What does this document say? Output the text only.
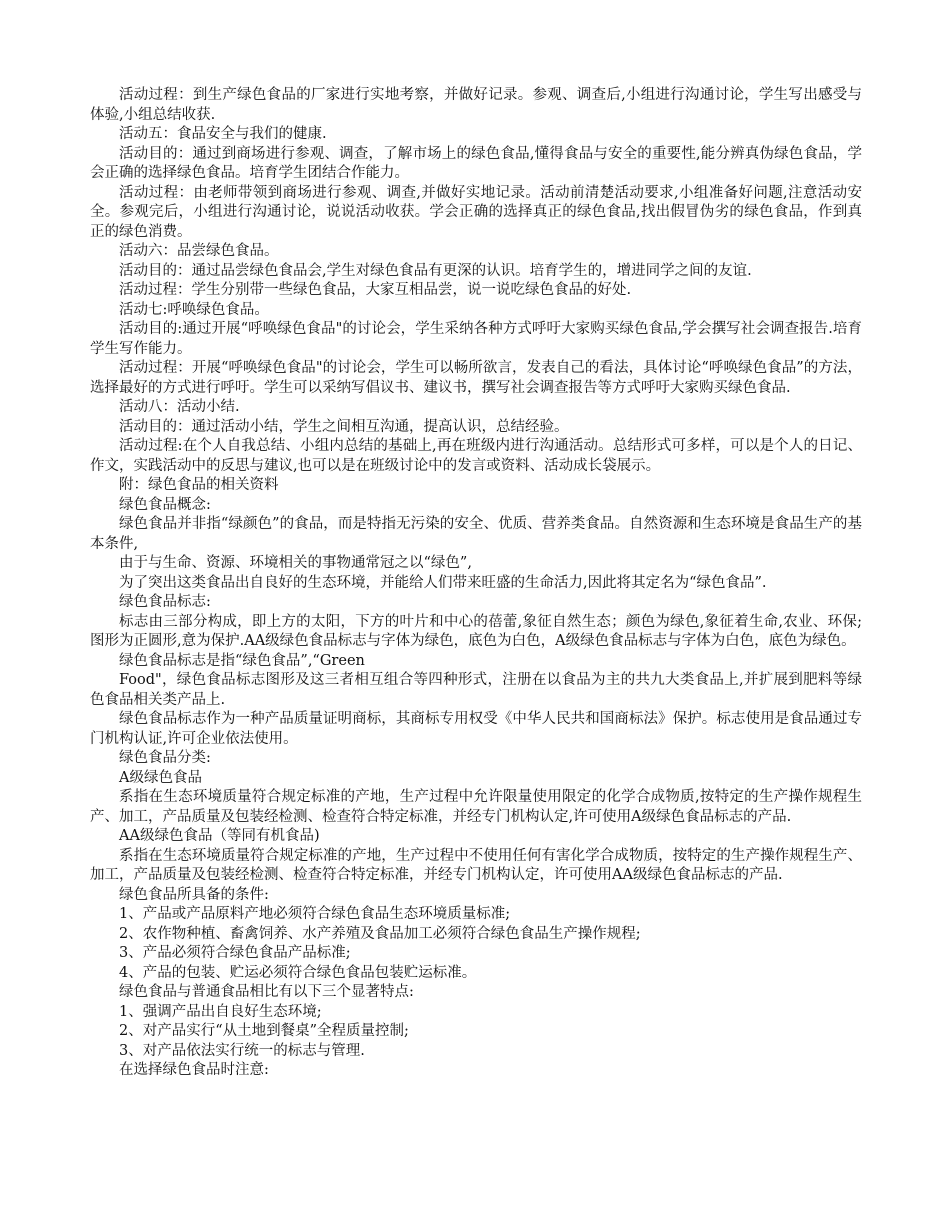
活动过程：到生产绿色食品的厂家进行实地考察，并做好记录。参观、调查后,小组进行沟通讨论，学生写出感受与体验,小组总结收获.

活动五：食品安全与我们的健康.

活动目的：通过到商场进行参观、调查，了解市场上的绿色食品,懂得食品与安全的重要性,能分辨真伪绿色食品，学会正确的选择绿色食品。培育学生团结合作能力。

活动过程：由老师带领到商场进行参观、调查,并做好实地记录。活动前清楚活动要求,小组准备好问题,注意活动安全。参观完后，小组进行沟通讨论，说说活动收获。学会正确的选择真正的绿色食品,找出假冒伪劣的绿色食品，作到真正的绿色消费。

活动六：品尝绿色食品。

活动目的：通过品尝绿色食品会,学生对绿色食品有更深的认识。培育学生的，增进同学之间的友谊.

活动过程：学生分别带一些绿色食品，大家互相品尝，说一说吃绿色食品的好处.

活动七:呼唤绿色食品。

活动目的:通过开展“呼唤绿色食品"的讨论会，学生采纳各种方式呼吁大家购买绿色食品,学会撰写社会调查报告.培育学生写作能力。

活动过程：开展“呼唤绿色食品"的讨论会，学生可以畅所欲言，发表自己的看法，具体讨论“呼唤绿色食品”的方法，选择最好的方式进行呼吁。学生可以采纳写倡议书、建议书，撰写社会调查报告等方式呼吁大家购买绿色食品.

活动八：活动小结.

活动目的：通过活动小结，学生之间相互沟通，提高认识，总结经验。

活动过程:在个人自我总结、小组内总结的基础上,再在班级内进行沟通活动。总结形式可多样，可以是个人的日记、作文，实践活动中的反思与建议,也可以是在班级讨论中的发言或资料、活动成长袋展示。

附：绿色食品的相关资料

绿色食品概念:

绿色食品并非指“绿颜色”的食品，而是特指无污染的安全、优质、营养类食品。自然资源和生态环境是食品生产的基本条件,

由于与生命、资源、环境相关的事物通常冠之以“绿色”,

为了突出这类食品出自良好的生态环境，并能给人们带来旺盛的生命活力,因此将其定名为“绿色食品”.

绿色食品标志:

标志由三部分构成，即上方的太阳，下方的叶片和中心的蓓蕾,象征自然生态；颜色为绿色,象征着生命,农业、环保;图形为正圆形,意为保护.AA级绿色食品标志与字体为绿色，底色为白色，A级绿色食品标志与字体为白色，底色为绿色。

绿色食品标志是指“绿色食品”,“Green

Food"，绿色食品标志图形及这三者相互组合等四种形式，注册在以食品为主的共九大类食品上,并扩展到肥料等绿色食品相关类产品上.

绿色食品标志作为一种产品质量证明商标，其商标专用权受《中华人民共和国商标法》保护。标志使用是食品通过专门机构认证,许可企业依法使用。

绿色食品分类:

A级绿色食品

系指在生态环境质量符合规定标准的产地，生产过程中允许限量使用限定的化学合成物质,按特定的生产操作规程生产、加工，产品质量及包装经检测、检查符合特定标准，并经专门机构认定,许可使用A级绿色食品标志的产品.

AA级绿色食品（等同有机食品)

系指在生态环境质量符合规定标准的产地，生产过程中不使用任何有害化学合成物质，按特定的生产操作规程生产、加工，产品质量及包装经检测、检查符合特定标准，并经专门机构认定，许可使用AA级绿色食品标志的产品.

绿色食品所具备的条件:

1、产品或产品原料产地必须符合绿色食品生态环境质量标准;

2、农作物种植、畜禽饲养、水产养殖及食品加工必须符合绿色食品生产操作规程;

3、产品必须符合绿色食品产品标准;

4、产品的包装、贮运必须符合绿色食品包装贮运标准。

绿色食品与普通食品相比有以下三个显著特点:

1、强调产品出自良好生态环境;

2、对产品实行“从土地到餐桌”全程质量控制;

3、对产品依法实行统一的标志与管理.

在选择绿色食品时注意:
